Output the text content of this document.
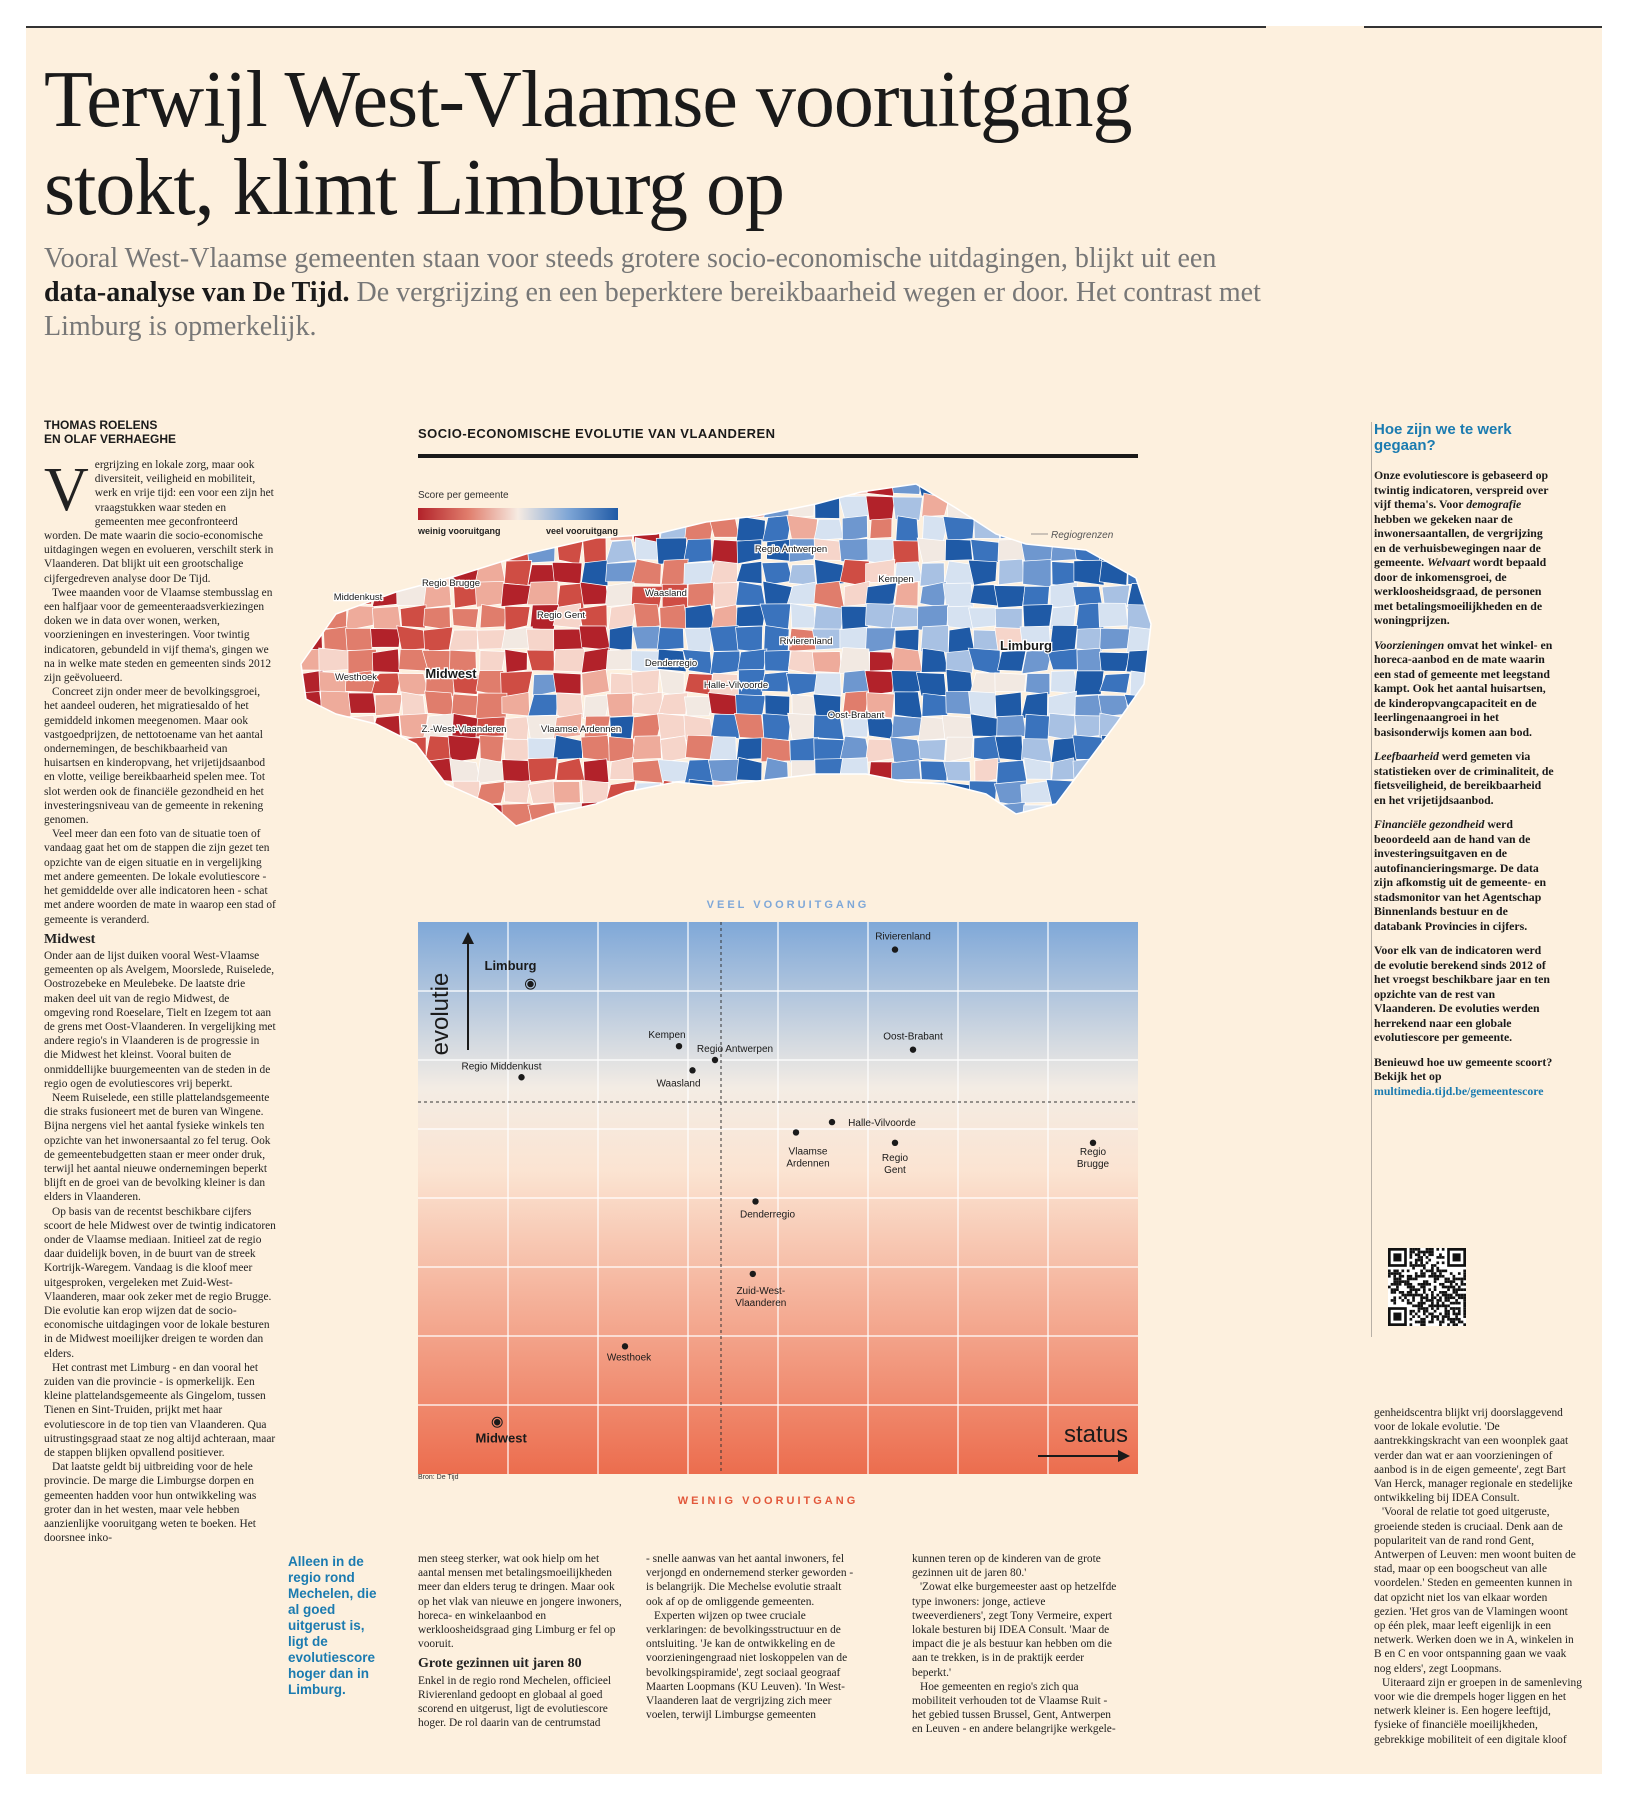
Terwijl West-Vlaamse vooruitgang stokt, klimt Limburg op

Vooral West-Vlaamse gemeenten staan voor steeds grotere socio-economische uitdagingen, blijkt uit een data-analyse van De Tijd. De vergrijzing en een beperktere bereikbaarheid wegen er door. Het contrast met Limburg is opmerkelijk.

THOMAS ROELENS
EN OLAF VERHAEGHE

Vergrijzing en lokale zorg, maar ook diversiteit, veiligheid en mobiliteit, werk en vrije tijd: een voor een zijn het vraagstukken waar steden en gemeenten mee geconfronteerd worden. De mate waarin die socio-economische uitdagingen wegen en evolueren, verschilt sterk in Vlaanderen. Dat blijkt uit een grootschalige cijfergedreven analyse door De Tijd.

Twee maanden voor de Vlaamse stembusslag en een halfjaar voor de gemeenteraadsverkiezingen doken we in data over wonen, werken, voorzieningen en investeringen. Voor twintig indicatoren, gebundeld in vijf thema's, gingen we na in welke mate steden en gemeenten sinds 2012 zijn geëvolueerd.

Concreet zijn onder meer de bevolkingsgroei, het aandeel ouderen, het migratiesaldo of het gemiddeld inkomen meegenomen. Maar ook vastgoedprijzen, de nettotoename van het aantal ondernemingen, de beschikbaarheid van huisartsen en kinderopvang, het vrijetijdsaanbod en vlotte, veilige bereikbaarheid spelen mee. Tot slot werden ook de financiële gezondheid en het investeringsniveau van de gemeente in rekening genomen.

Veel meer dan een foto van de situatie toen of vandaag gaat het om de stappen die zijn gezet ten opzichte van de eigen situatie en in vergelijking met andere gemeenten. De lokale evolutiescore - het gemiddelde over alle indicatoren heen - schat met andere woorden de mate in waarop een stad of gemeente is veranderd.

Midwest

Onder aan de lijst duiken vooral West-Vlaamse gemeenten op als Avelgem, Moorslede, Ruiselede, Oostrozebeke en Meulebeke. De laatste drie maken deel uit van de regio Midwest, de omgeving rond Roeselare, Tielt en Izegem tot aan de grens met Oost-Vlaanderen. In vergelijking met andere regio's in Vlaanderen is de progressie in die Midwest het kleinst. Vooral buiten de onmiddellijke buurgemeenten van de steden in de regio ogen de evolutiescores vrij beperkt.

Neem Ruiselede, een stille plattelandsgemeente die straks fusioneert met de buren van Wingene. Bijna nergens viel het aantal fysieke winkels ten opzichte van het inwonersaantal zo fel terug. Ook de gemeentebudgetten staan er meer onder druk, terwijl het aantal nieuwe ondernemingen beperkt blijft en de groei van de bevolking kleiner is dan elders in Vlaanderen.

Op basis van de recentst beschikbare cijfers scoort de hele Midwest over de twintig indicatoren onder de Vlaamse mediaan. Initieel zat de regio daar duidelijk boven, in de buurt van de streek Kortrijk-Waregem. Vandaag is die kloof meer uitgesproken, vergeleken met Zuid-West-Vlaanderen, maar ook zeker met de regio Brugge. Die evolutie kan erop wijzen dat de socio-economische uitdagingen voor de lokale besturen in de Midwest moeilijker dreigen te worden dan elders.

Het contrast met Limburg - en dan vooral het zuiden van die provincie - is opmerkelijk. Een kleine plattelandsgemeente als Gingelom, tussen Tienen en Sint-Truiden, prijkt met haar evolutiescore in de top tien van Vlaanderen. Qua uitrustingsgraad staat ze nog altijd achteraan, maar de stappen blijken opvallend positiever.

Dat laatste geldt bij uitbreiding voor de hele provincie. De marge die Limburgse dorpen en gemeenten hadden voor hun ontwikkeling was groter dan in het westen, maar vele hebben aanzienlijke vooruitgang weten te boeken. Het doorsnee inko-

Alleen in de regio rond Mechelen, die al goed uitgerust is, ligt de evolutiescore hoger dan in Limburg.
SOCIO-ECONOMISCHE EVOLUTIE VAN VLAANDEREN
Score per gemeente
weinig vooruitgang	veel vooruitgang	Regiogrenzen
Middenkust
Regio Brugge
Regio Gent
Waasland
Regio Antwerpen
Kempen
Limburg
Rivierenland
Westhoek	Midwest
Denderregio
Halle-Vilvoorde
Oost-Brabant
Z.-West-Vlaanderen	Vlaamse Ardennen
VEEL VOORUITGANG
evolutie
status
Rivierenland
Limburg
Kempen	Oost-Brabant
Regio Antwerpen
Regio Middenkust
Waasland
Halle-Vilvoorde
Vlaamse Ardennen
Regio Gent
Regio Brugge
Denderregio
Zuid-West-Vlaanderen
Westhoek
Midwest
WEINIG VOORUITGANG
Bron: De Tijd
Hoe zijn we te werk gegaan?

Onze evolutiescore is gebaseerd op twintig indicatoren, verspreid over vijf thema's. Voor demografie hebben we gekeken naar de inwonersaantallen, de vergrijzing en de verhuisbewegingen naar de gemeente. Welvaart wordt bepaald door de inkomensgroei, de werkloosheidsgraad, de personen met betalingsmoeilijkheden en de woningprijzen.

Voorzieningen omvat het winkel- en horeca-aanbod en de mate waarin een stad of gemeente met leegstand kampt. Ook het aantal huisartsen, de kinderopvangcapaciteit en de leerlingenaangroei in het basisonderwijs komen aan bod.

Leefbaarheid werd gemeten via statistieken over de criminaliteit, de fietsveiligheid, de bereikbaarheid en het vrijetijdsaanbod.

Financiële gezondheid werd beoordeeld aan de hand van de investeringsuitgaven en de autofinancieringsmarge. De data zijn afkomstig uit de gemeente- en stadsmonitor van het Agentschap Binnenlands bestuur en de databank Provincies in cijfers.

Voor elk van de indicatoren werd de evolutie berekend sinds 2012 of het vroegst beschikbare jaar en ten opzichte van de rest van Vlaanderen. De evoluties werden herrekend naar een globale evolutiescore per gemeente.

Benieuwd hoe uw gemeente scoort? Bekijk het op multimedia.tijd.be/gemeentescore

men steeg sterker, wat ook hielp om het aantal mensen met betalingsmoeilijkheden meer dan elders terug te dringen. Maar ook op het vlak van nieuwe en jongere inwoners, horeca- en winkelaanbod en werkloosheidsgraad ging Limburg er fel op vooruit.

Grote gezinnen uit jaren 80

Enkel in de regio rond Mechelen, officieel Rivierenland gedoopt en globaal al goed scorend en uitgerust, ligt de evolutiescore hoger. De rol daarin van de centrumstad

- snelle aanwas van het aantal inwoners, fel verjongd en ondernemend sterker geworden - is belangrijk. Die Mechelse evolutie straalt ook af op de omliggende gemeenten.

Experten wijzen op twee cruciale verklaringen: de bevolkingsstructuur en de ontsluiting. 'Je kan de ontwikkeling en de voorzieningengraad niet loskoppelen van de bevolkingspiramide', zegt sociaal geograaf Maarten Loopmans (KU Leuven). 'In West-Vlaanderen laat de vergrijzing zich meer voelen, terwijl Limburgse gemeenten

kunnen teren op de kinderen van de grote gezinnen uit de jaren 80.'

'Zowat elke burgemeester aast op hetzelfde type inwoners: jonge, actieve tweeverdieners', zegt Tony Vermeire, expert lokale besturen bij IDEA Consult. 'Maar de impact die je als bestuur kan hebben om die aan te trekken, is in de praktijk eerder beperkt.'

Hoe gemeenten en regio's zich qua mobiliteit verhouden tot de Vlaamse Ruit - het gebied tussen Brussel, Gent, Antwerpen en Leuven - en andere belangrijke werkgele-

genheidscentra blijkt vrij doorslaggevend voor de lokale evolutie. 'De aantrekkingskracht van een woonplek gaat verder dan wat er aan voorzieningen of aanbod is in de eigen gemeente', zegt Bart Van Herck, manager regionale en stedelijke ontwikkeling bij IDEA Consult.

'Vooral de relatie tot goed uitgeruste, groeiende steden is cruciaal. Denk aan de populariteit van de rand rond Gent, Antwerpen of Leuven: men woont buiten de stad, maar op een boogscheut van alle voordelen.' Steden en gemeenten kunnen in dat opzicht niet los van elkaar worden gezien. 'Het gros van de Vlamingen woont op één plek, maar leeft eigenlijk in een netwerk. Werken doen we in A, winkelen in B en C en voor ontspanning gaan we vaak nog elders', zegt Loopmans.

Uiteraard zijn er groepen in de samenleving voor wie die drempels hoger liggen en het netwerk kleiner is. Een hogere leeftijd, fysieke of financiële moeilijkheden, gebrekkige mobiliteit of een digitale kloof
